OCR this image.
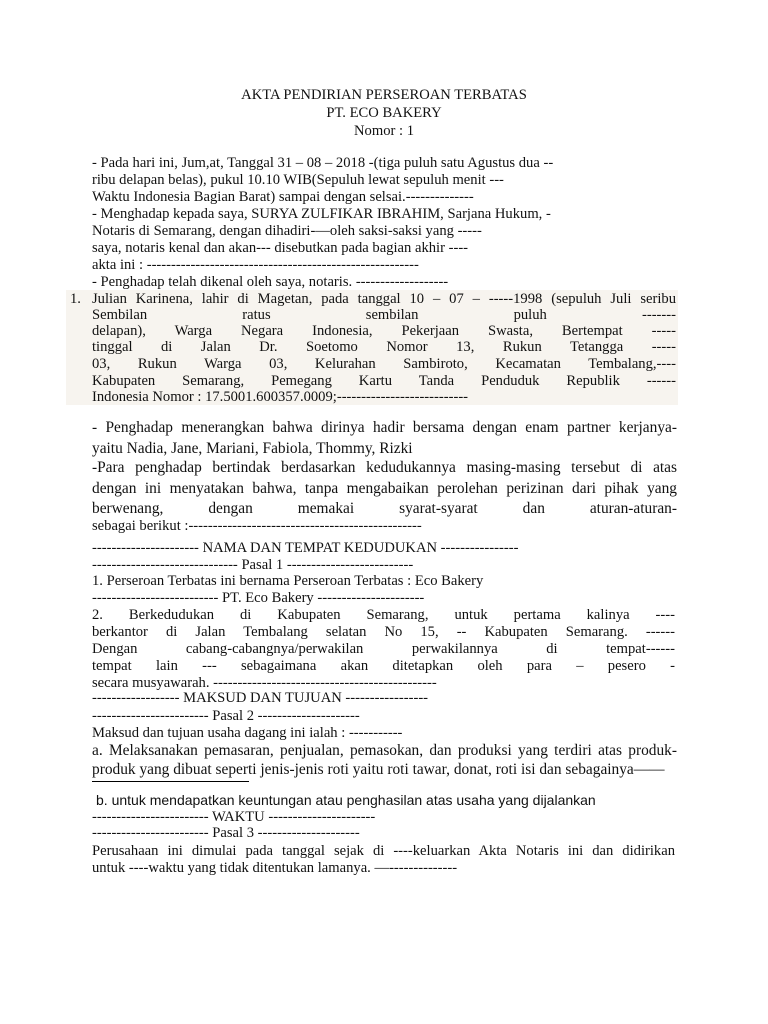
AKTA PENDIRIAN PERSEROAN TERBATAS
PT. ECO BAKERY
Nomor : 1
- Pada hari ini, Jum,at, Tanggal 31 – 08 – 2018 -(tiga puluh satu Agustus dua --
ribu delapan belas), pukul 10.10 WIB(Sepuluh lewat sepuluh menit ---
Waktu Indonesia Bagian Barat) sampai dengan selsai.--------------
- Menghadap kepada saya, SURYA ZULFIKAR IBRAHIM, Sarjana Hukum, -
Notaris di Semarang, dengan dihadiri-—oleh saksi-saksi yang -----
saya, notaris kenal dan akan--- disebutkan pada bagian akhir ----
akta ini : --------------------------------------------------------
- Penghadap telah dikenal oleh saya, notaris. -------------------
1. Julian Karinena, lahir di Magetan, pada tanggal 10 – 07 – -----1998 (sepuluh Juli seribu
Sembilan ratus sembilan puluh -------
delapan), Warga Negara Indonesia, Pekerjaan Swasta, Bertempat -----
tinggal di Jalan Dr. Soetomo Nomor 13, Rukun Tetangga -----
03, Rukun Warga 03, Kelurahan Sambiroto, Kecamatan Tembalang,----
Kabupaten Semarang, Pemegang Kartu Tanda Penduduk Republik ------
Indonesia Nomor : 17.5001.600357.0009;---------------------------
- Penghadap menerangkan bahwa dirinya hadir bersama dengan enam partner kerjanya-
yaitu Nadia, Jane, Mariani, Fabiola, Thommy, Rizki
-Para penghadap bertindak berdasarkan kedudukannya masing-masing tersebut di atas
dengan ini menyatakan bahwa, tanpa mengabaikan perolehan perizinan dari pihak yang
berwenang, dengan memakai syarat-syarat dan aturan-aturan-
sebagai berikut :------------------------------------------------
---------------------- NAMA DAN TEMPAT KEDUDUKAN ----------------
------------------------------ Pasal 1 --------------------------
1. Perseroan Terbatas ini bernama Perseroan Terbatas : Eco Bakery
-------------------------- PT. Eco Bakery ----------------------
2. Berkedudukan di Kabupaten Semarang, untuk pertama kalinya ----
berkantor di Jalan Tembalang selatan No 15, -- Kabupaten Semarang. ------
Dengan cabang-cabangnya/perwakilan perwakilannya di tempat------
tempat lain --- sebagaimana akan ditetapkan oleh para – pesero -
secara musyawarah. ----------------------------------------------
------------------ MAKSUD DAN TUJUAN -----------------
------------------------ Pasal 2 ---------------------
Maksud dan tujuan usaha dagang ini ialah : -----------
a. Melaksanakan pemasaran, penjualan, pemasokan, dan produksi yang terdiri atas produk-
produk yang dibuat seperti jenis-jenis roti yaitu roti tawar, donat, roti isi dan sebagainya——
b. untuk mendapatkan keuntungan atau penghasilan atas usaha yang dijalankan
------------------------ WAKTU ----------------------
------------------------ Pasal 3 ---------------------
Perusahaan ini dimulai pada tanggal sejak di ----keluarkan Akta Notaris ini dan didirikan
untuk ----waktu yang tidak ditentukan lamanya. —--------------
